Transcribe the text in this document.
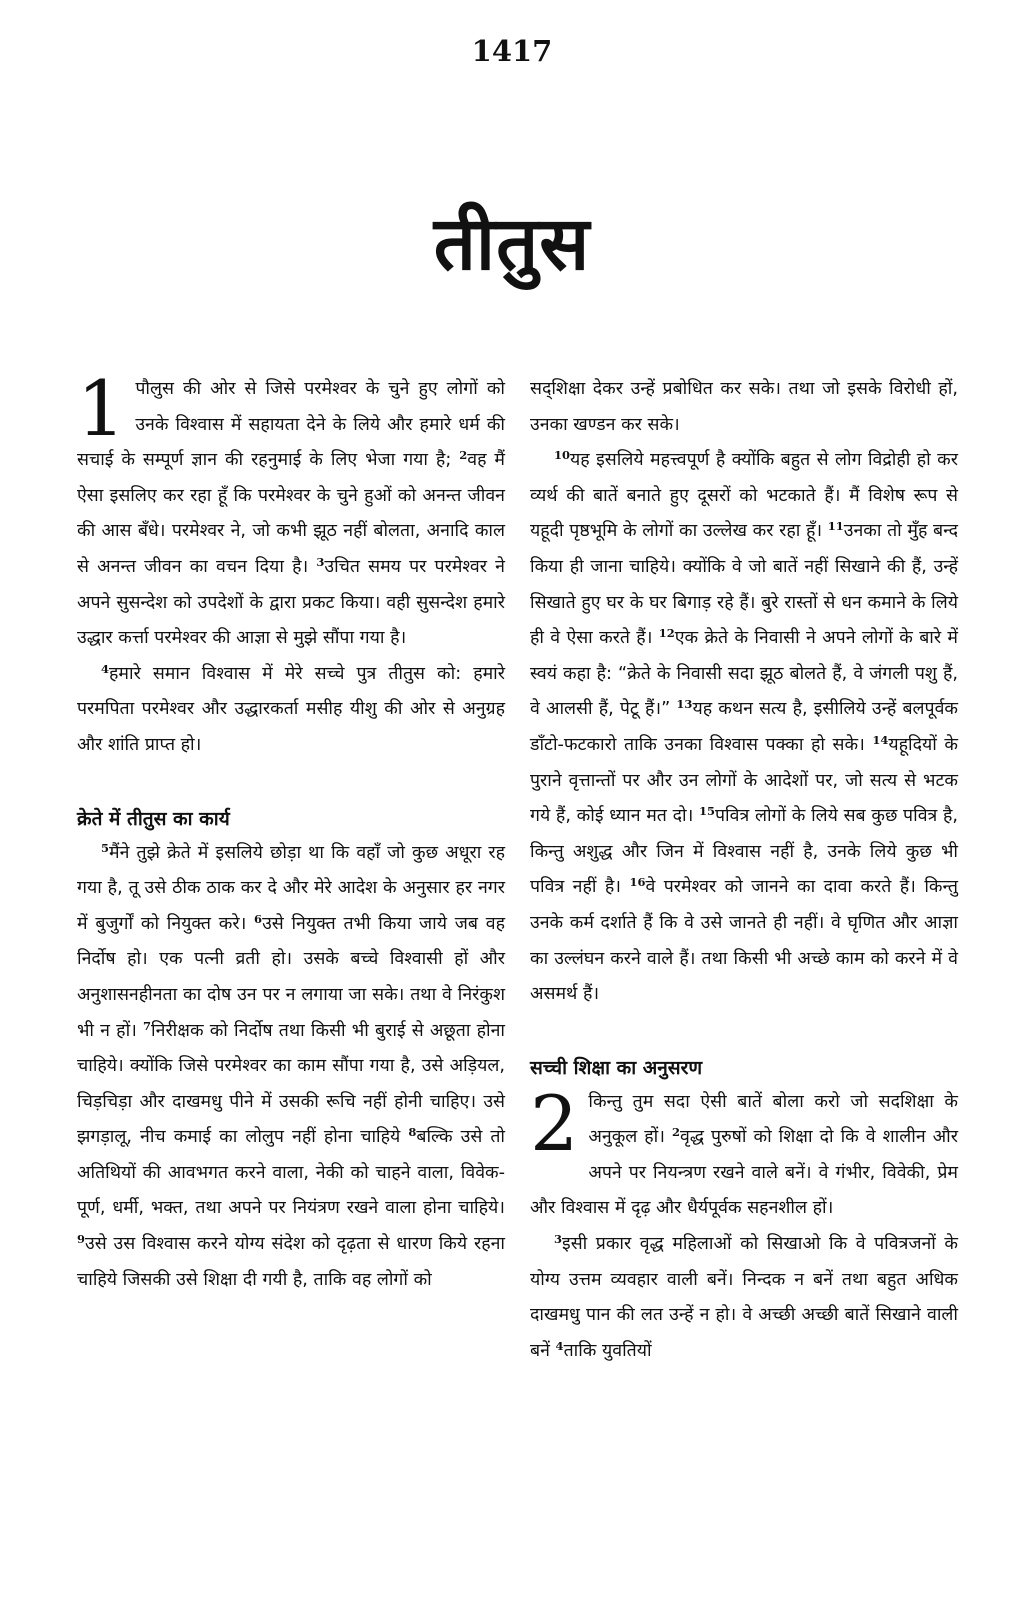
1417
तीतुस

1 पौलुस की ओर से जिसे परमेश्वर के चुने हुए लोगों को उनके विश्वास में सहायता देने के लिये और हमारे धर्म की सचाई के सम्पूर्ण ज्ञान की रहनुमाई के लिए भेजा गया है; $^2$वह मैं ऐसा इसलिए कर रहा हूँ कि परमेश्वर के चुने हुओं को अनन्त जीवन की आस बँधे। परमेश्वर ने, जो कभी झूठ नहीं बोलता, अनादि काल से अनन्त जीवन का वचन दिया है। $^3$उचित समय पर परमेश्वर ने अपने सुसन्देश को उपदेशों के द्वारा प्रकट किया। वही सुसन्देश हमारे उद्धार कर्त्ता परमेश्वर की आज्ञा से मुझे सौंपा गया है।

$^4$हमारे समान विश्वास में मेरे सच्चे पुत्र तीतुस को: हमारे परमपिता परमेश्वर और उद्धारकर्ता मसीह यीशु की ओर से अनुग्रह और शांति प्राप्त हो।

क्रेते में तीतुस का कार्य

$^5$मैंने तुझे क्रेते में इसलिये छोड़ा था कि वहाँ जो कुछ अधूरा रह गया है, तू उसे ठीक ठाक कर दे और मेरे आदेश के अनुसार हर नगर में बुजुर्गों को नियुक्त करे। $^6$उसे नियुक्त तभी किया जाये जब वह निर्दोष हो। एक पत्नी व्रती हो। उसके बच्चे विश्वासी हों और अनुशासनहीनता का दोष उन पर न लगाया जा सके। तथा वे निरंकुश भी न हों। $^7$निरीक्षक को निर्दोष तथा किसी भी बुराई से अछूता होना चाहिये। क्योंकि जिसे परमेश्वर का काम सौंपा गया है, उसे अड़ियल, चिड़चिड़ा और दाखमधु पीने में उसकी रूचि नहीं होनी चाहिए। उसे झगड़ालू, नीच कमाई का लोलुप नहीं होना चाहिये $^8$बल्कि उसे तो अतिथियों की आवभगत करने वाला, नेकी को चाहने वाला, विवेक-पूर्ण, धर्मी, भक्त, तथा अपने पर नियंत्रण रखने वाला होना चाहिये। $^9$उसे उस विश्वास करने योग्य संदेश को दृढ़ता से धारण किये रहना चाहिये जिसकी उसे शिक्षा दी गयी है, ताकि वह लोगों को

सद्शिक्षा देकर उन्हें प्रबोधित कर सके। तथा जो इसके विरोधी हों, उनका खण्डन कर सके।

$^{10}$यह इसलिये महत्त्वपूर्ण है क्योंकि बहुत से लोग विद्रोही हो कर व्यर्थ की बातें बनाते हुए दूसरों को भटकाते हैं। मैं विशेष रूप से यहूदी पृष्ठभूमि के लोगों का उल्लेख कर रहा हूँ। $^{11}$उनका तो मुँह बन्द किया ही जाना चाहिये। क्योंकि वे जो बातें नहीं सिखाने की हैं, उन्हें सिखाते हुए घर के घर बिगाड़ रहे हैं। बुरे रास्तों से धन कमाने के लिये ही वे ऐसा करते हैं। $^{12}$एक क्रेते के निवासी ने अपने लोगों के बारे में स्वयं कहा है: “क्रेते के निवासी सदा झूठ बोलते हैं, वे जंगली पशु हैं, वे आलसी हैं, पेटू हैं।” $^{13}$यह कथन सत्य है, इसीलिये उन्हें बलपूर्वक डाँटो-फटकारो ताकि उनका विश्वास पक्का हो सके। $^{14}$यहूदियों के पुराने वृत्तान्तों पर और उन लोगों के आदेशों पर, जो सत्य से भटक गये हैं, कोई ध्यान मत दो। $^{15}$पवित्र लोगों के लिये सब कुछ पवित्र है, किन्तु अशुद्ध और जिन में विश्वास नहीं है, उनके लिये कुछ भी पवित्र नहीं है। $^{16}$वे परमेश्वर को जानने का दावा करते हैं। किन्तु उनके कर्म दर्शाते हैं कि वे उसे जानते ही नहीं। वे घृणित और आज्ञा का उल्लंघन करने वाले हैं। तथा किसी भी अच्छे काम को करने में वे असमर्थ हैं।

सच्ची शिक्षा का अनुसरण

2 किन्तु तुम सदा ऐसी बातें बोला करो जो सदशिक्षा के अनुकूल हों। $^2$वृद्ध पुरुषों को शिक्षा दो कि वे शालीन और अपने पर नियन्त्रण रखने वाले बनें। वे गंभीर, विवेकी, प्रेम और विश्वास में दृढ़ और धैर्यपूर्वक सहनशील हों।

$^3$इसी प्रकार वृद्ध महिलाओं को सिखाओ कि वे पवित्रजनों के योग्य उत्तम व्यवहार वाली बनें। निन्दक न बनें तथा बहुत अधिक दाखमधु पान की लत उन्हें न हो। वे अच्छी अच्छी बातें सिखाने वाली बनें $^4$ताकि युवतियों
